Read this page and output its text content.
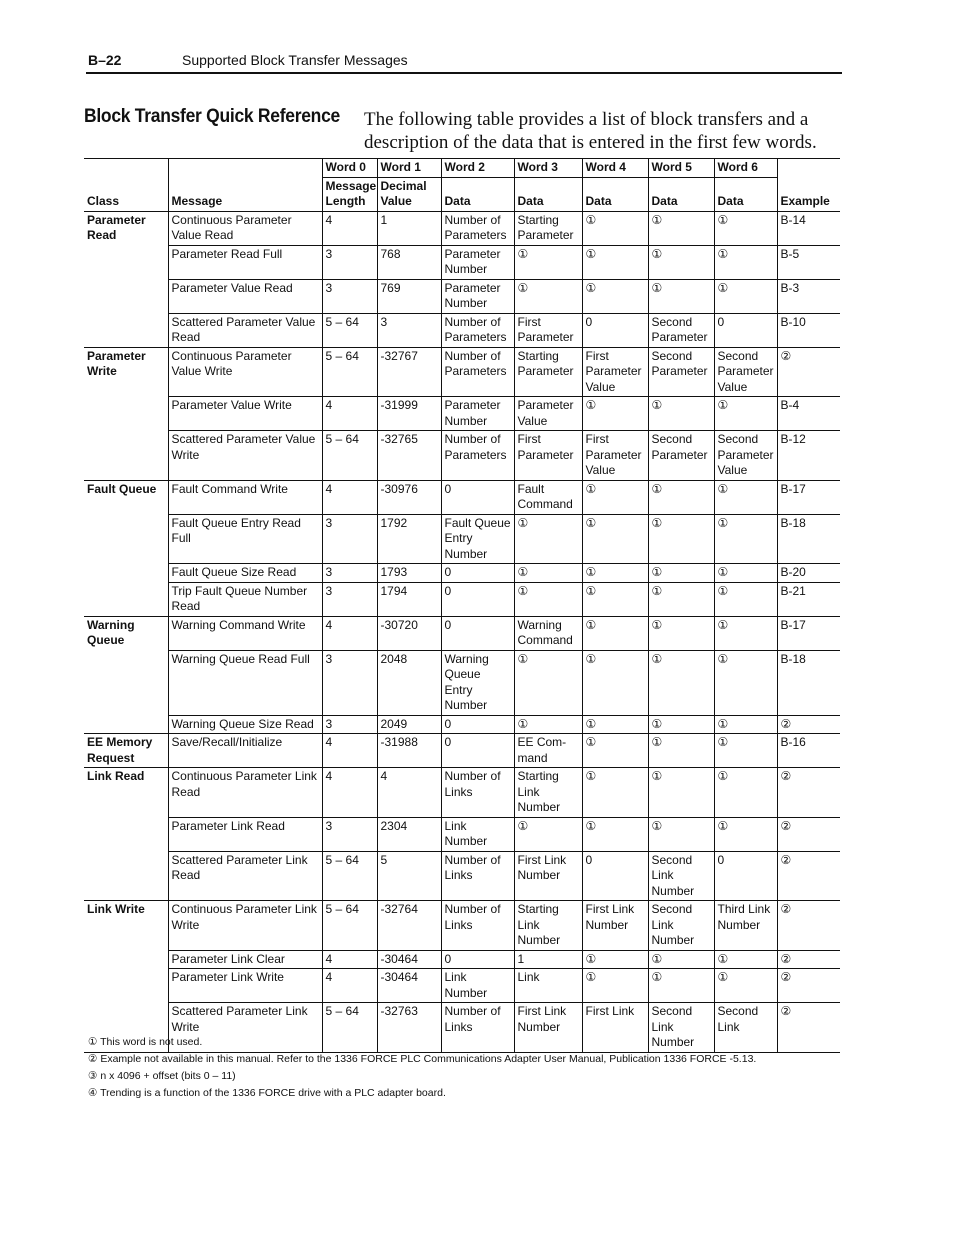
B–22	Supported Block Transfer Messages
Block Transfer Quick Reference The following table provides a list of block transfers and a description of the data that is entered in the first few words.
Class	Message	Word 0	Word 1	Word 2	Word 3	Word 4	Word 5	Word 6	Example
		Message Length	Decimal Value	Data	Data	Data	Data	Data	
Parameter Read	Continuous Parameter Value Read	4	1	Number of Parameters	Starting Parameter	①	①	①	B-14
	Parameter Read Full	3	768	Parameter Number	①	①	①	①	B-5
	Parameter Value Read	3	769	Parameter Number	①	①	①	①	B-3
	Scattered Parameter Value Read	5 – 64	3	Number of Parameters	First Parameter	0	Second Parameter	0	B-10
Parameter Write	Continuous Parameter Value Write	5 – 64	-32767	Number of Parameters	Starting Parameter	First Parameter Value	Second Parameter	Second Parameter Value	②
	Parameter Value Write	4	-31999	Parameter Number	Parameter Value	①	①	①	B-4
	Scattered Parameter Value Write	5 – 64	-32765	Number of Parameters	First Parameter	First Parameter Value	Second Parameter	Second Parameter Value	B-12
Fault Queue	Fault Command Write	4	-30976	0	Fault Command	①	①	①	B-17
	Fault Queue Entry Read Full	3	1792	Fault Queue Entry Number	①	①	①	①	B-18
	Fault Queue Size Read	3	1793	0	①	①	①	①	B-20
	Trip Fault Queue Number Read	3	1794	0	①	①	①	①	B-21
Warning Queue	Warning Command Write	4	-30720	0	Warning Command	①	①	①	B-17
	Warning Queue Read Full	3	2048	Warning Queue Entry Number	①	①	①	①	B-18
	Warning Queue Size Read	3	2049	0	①	①	①	①	②
EE Memory Request	Save/Recall/Initialize	4	-31988	0	EE Com- mand	①	①	①	B-16
Link Read	Continuous Parameter Link Read	4	4	Number of Links	Starting Link Number	①	①	①	②
	Parameter Link Read	3	2304	Link Number	①	①	①	①	②
	Scattered Parameter Link Read	5 – 64	5	Number of Links	First Link Number	0	Second Link Number	0	②
Link Write	Continuous Parameter Link Write	5 – 64	-32764	Number of Links	Starting Link Number	First Link Number	Second Link Number	Third Link Number	②
	Parameter Link Clear	4	-30464	0	1	①	①	①	②
	Parameter Link Write	4	-30464	Link Number	Link	①	①	①	②
	Scattered Parameter Link Write	5 – 64	-32763	Number of Links	First Link Number	First Link	Second Link Number	Second Link	②
① This word is not used.
② Example not available in this manual. Refer to the 1336 FORCE PLC Communications Adapter User Manual, Publication 1336 FORCE -5.13.
③ n x 4096 + offset (bits 0 – 11)
④ Trending is a function of the 1336 FORCE drive with a PLC adapter board.
